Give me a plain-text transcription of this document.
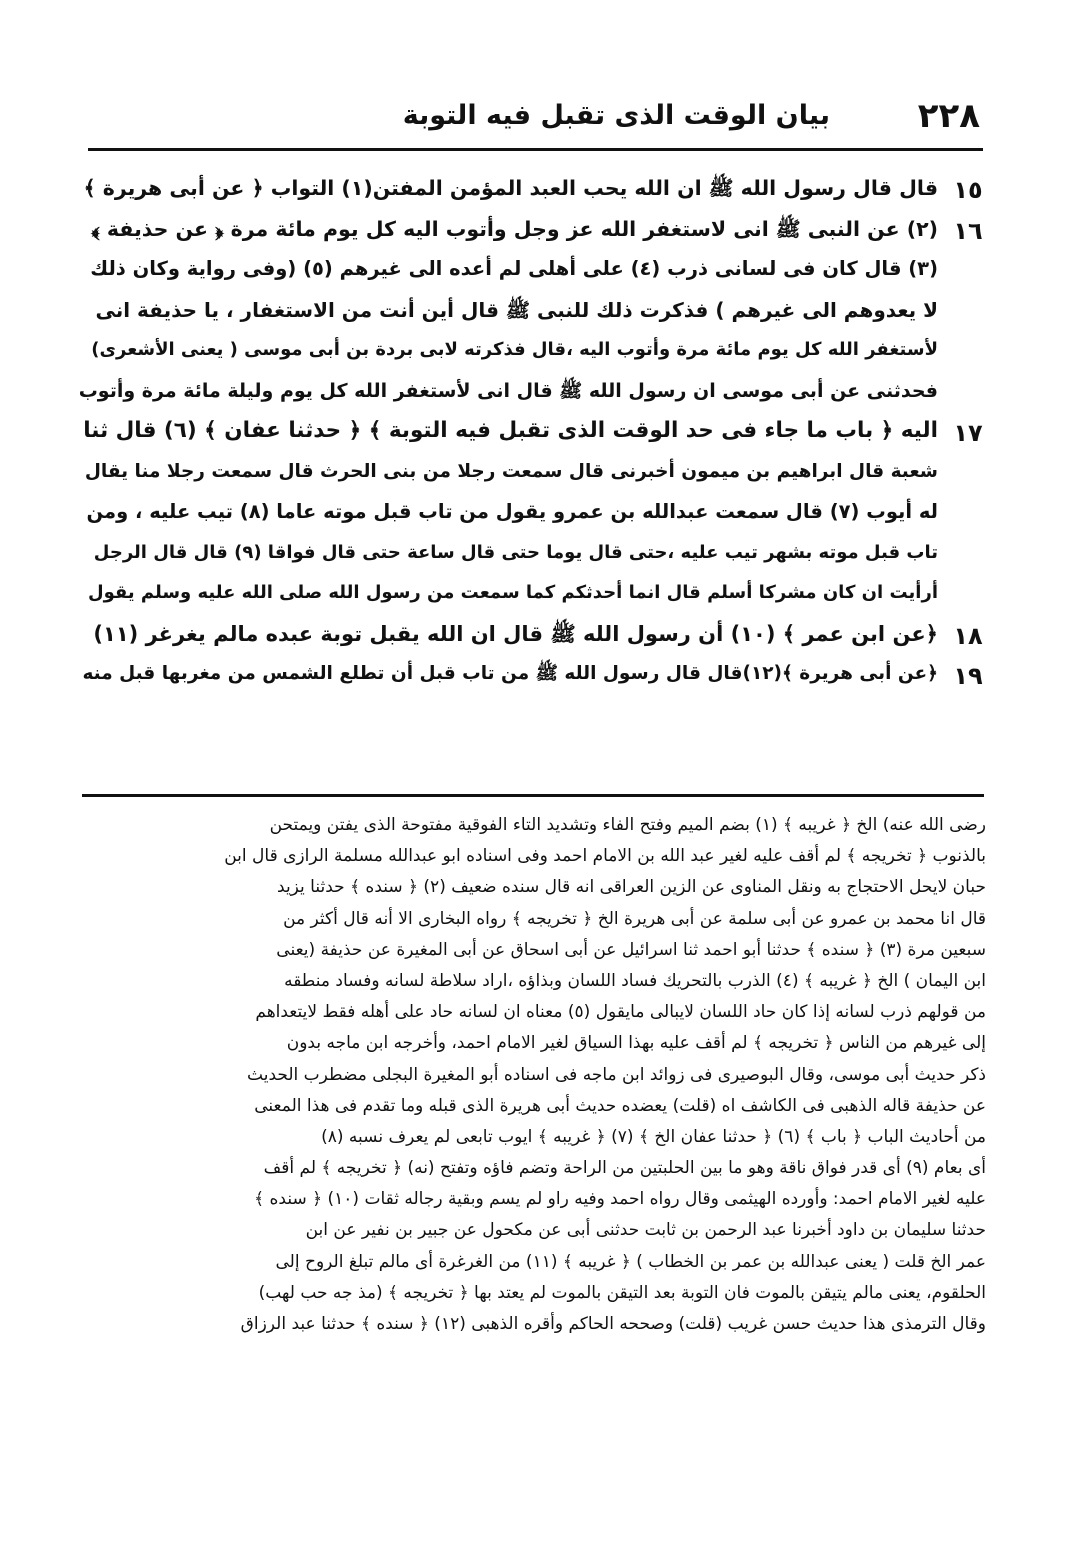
٢٢٨
بيان الوقت الذى تقبل فيه التوبة
قال قال رسول الله ﷺ ان الله يحب العبد المؤمن المفتن(١) التواب ﴿ عن أبى هريرة ﴾
(٢) عن النبى ﷺ انى لاستغفر الله عز وجل وأتوب اليه كل يوم مائة مرة ﴿ عن حذيفة ﴾
(٣) قال كان فى لسانى ذرب (٤) على أهلى لم أعده الى غيرهم (٥) (وفى رواية وكان ذلك
لا يعدوهم الى غيرهم ) فذكرت ذلك للنبى ﷺ قال أين أنت من الاستغفار ، يا حذيفة انى
لأستغفر الله كل يوم مائة مرة وأتوب اليه ،قال فذكرته لابى بردة بن أبى موسى ( يعنى الأشعرى)
فحدثنى عن أبى موسى ان رسول الله ﷺ قال انى لأستغفر الله كل يوم وليلة مائة مرة وأتوب
اليه ﴿ باب ما جاء فى حد الوقت الذى تقبل فيه التوبة ﴾ ﴿ حدثنا عفان ﴾ (٦) قال ثنا
شعبة قال ابراهيم بن ميمون أخبرنى قال سمعت رجلا من بنى الحرث قال سمعت رجلا منا يقال
له أيوب (٧) قال سمعت عبدالله بن عمرو يقول من تاب قبل موته عاما (٨) تيب عليه ، ومن
تاب قبل موته بشهر تيب عليه ،حتى قال يوما حتى قال ساعة حتى قال فواقا (٩) قال قال الرجل
أرأيت ان كان مشركا أسلم قال انما أحدثكم كما سمعت من رسول الله صلى الله عليه وسلم يقول
﴿عن ابن عمر ﴾ (١٠) أن رسول الله ﷺ قال ان الله يقبل توبة عبده مالم يغرغر (١١)
﴿عن أبى هريرة ﴾(١٢)قال قال رسول الله ﷺ من تاب قبل أن تطلع الشمس من مغربها قبل منه
١٥
١٦
١٧
١٨
١٩
رضى الله عنه) الخ ﴿ غريبه ﴾ (١) بضم الميم وفتح الفاء وتشديد التاء الفوقية مفتوحة الذى يفتن ويمتحن
بالذنوب ﴿ تخريجه ﴾ لم أقف عليه لغير عبد الله بن الامام احمد وفى اسناده ابو عبدالله مسلمة الرازى قال ابن
حبان لايحل الاحتجاج به ونقل المناوى عن الزين العراقى انه قال سنده ضعيف (٢) ﴿ سنده ﴾ حدثنا يزيد
قال انا محمد بن عمرو عن أبى سلمة عن أبى هريرة الخ ﴿ تخريجه ﴾ رواه البخارى الا أنه قال أكثر من
سبعين مرة (٣) ﴿ سنده ﴾ حدثنا أبو احمد ثنا اسرائيل عن أبى اسحاق عن أبى المغيرة عن حذيفة (يعنى
ابن اليمان ) الخ ﴿ غريبه ﴾ (٤) الذرب بالتحريك فساد اللسان وبذاؤه ،اراد سلاطة لسانه وفساد منطقه
من قولهم ذرب لسانه إذا كان حاد اللسان لايبالى مايقول (٥) معناه ان لسانه حاد على أهله فقط لايتعداهم
إلى غيرهم من الناس ﴿ تخريجه ﴾ لم أقف عليه بهذا السياق لغير الامام احمد، وأخرجه ابن ماجه بدون
ذكر حديث أبى موسى، وقال البوصيرى فى زوائد ابن ماجه فى اسناده أبو المغيرة البجلى مضطرب الحديث
عن حذيفة قاله الذهبى فى الكاشف اه (قلت) يعضده حديث أبى هريرة الذى قبله وما تقدم فى هذا المعنى
من أحاديث الباب ﴿ باب ﴾ (٦) ﴿ حدثنا عفان الخ ﴾ (٧) ﴿ غريبه ﴾ ايوب تابعى لم يعرف نسبه (٨)
أى بعام (٩) أى قدر فواق ناقة وهو ما بين الحلبتين من الراحة وتضم فاؤه وتفتح (نه) ﴿ تخريجه ﴾ لم أقف
عليه لغير الامام احمد: وأورده الهيثمى وقال رواه احمد وفيه راو لم يسم وبقية رجاله ثقات (١٠) ﴿ سنده ﴾
حدثنا سليمان بن داود أخبرنا عبد الرحمن بن ثابت حدثنى أبى عن مكحول عن جبير بن نفير عن ابن
عمر الخ قلت ( يعنى عبدالله بن عمر بن الخطاب ) ﴿ غريبه ﴾ (١١) من الغرغرة أى مالم تبلغ الروح إلى
الحلقوم، يعنى مالم يتيقن بالموت فان التوبة بعد التيقن بالموت لم يعتد بها ﴿ تخريجه ﴾ (مذ جه حب لهب)
وقال الترمذى هذا حديث حسن غريب (قلت) وصححه الحاكم وأقره الذهبى (١٢) ﴿ سنده ﴾ حدثنا عبد الرزاق
